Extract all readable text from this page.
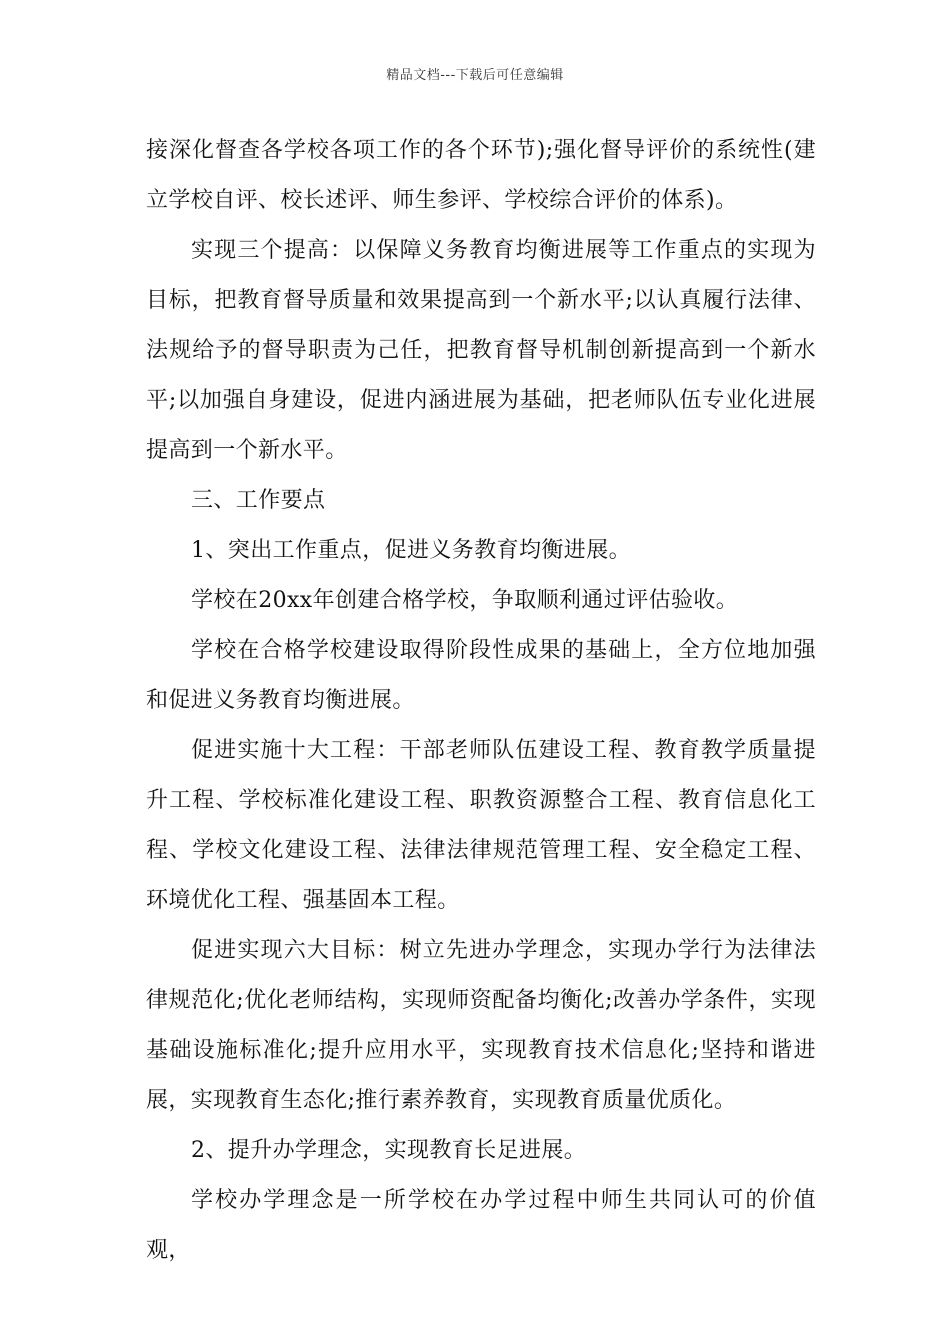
精品文档---下载后可任意编辑

接深化督查各学校各项工作的各个环节);强化督导评价的系统性(建立学校自评、校长述评、师生参评、学校综合评价的体系)。

实现三个提高：以保障义务教育均衡进展等工作重点的实现为目标，把教育督导质量和效果提高到一个新水平;以认真履行法律、法规给予的督导职责为己任，把教育督导机制创新提高到一个新水平;以加强自身建设，促进内涵进展为基础，把老师队伍专业化进展提高到一个新水平。

三、工作要点

1、突出工作重点，促进义务教育均衡进展。

学校在20xx年创建合格学校，争取顺利通过评估验收。

学校在合格学校建设取得阶段性成果的基础上，全方位地加强和促进义务教育均衡进展。

促进实施十大工程：干部老师队伍建设工程、教育教学质量提升工程、学校标准化建设工程、职教资源整合工程、教育信息化工程、学校文化建设工程、法律法律规范管理工程、安全稳定工程、环境优化工程、强基固本工程。

促进实现六大目标：树立先进办学理念，实现办学行为法律法律规范化;优化老师结构，实现师资配备均衡化;改善办学条件，实现基础设施标准化;提升应用水平，实现教育技术信息化;坚持和谐进展，实现教育生态化;推行素养教育，实现教育质量优质化。

2、提升办学理念，实现教育长足进展。

学校办学理念是一所学校在办学过程中师生共同认可的价值观，
